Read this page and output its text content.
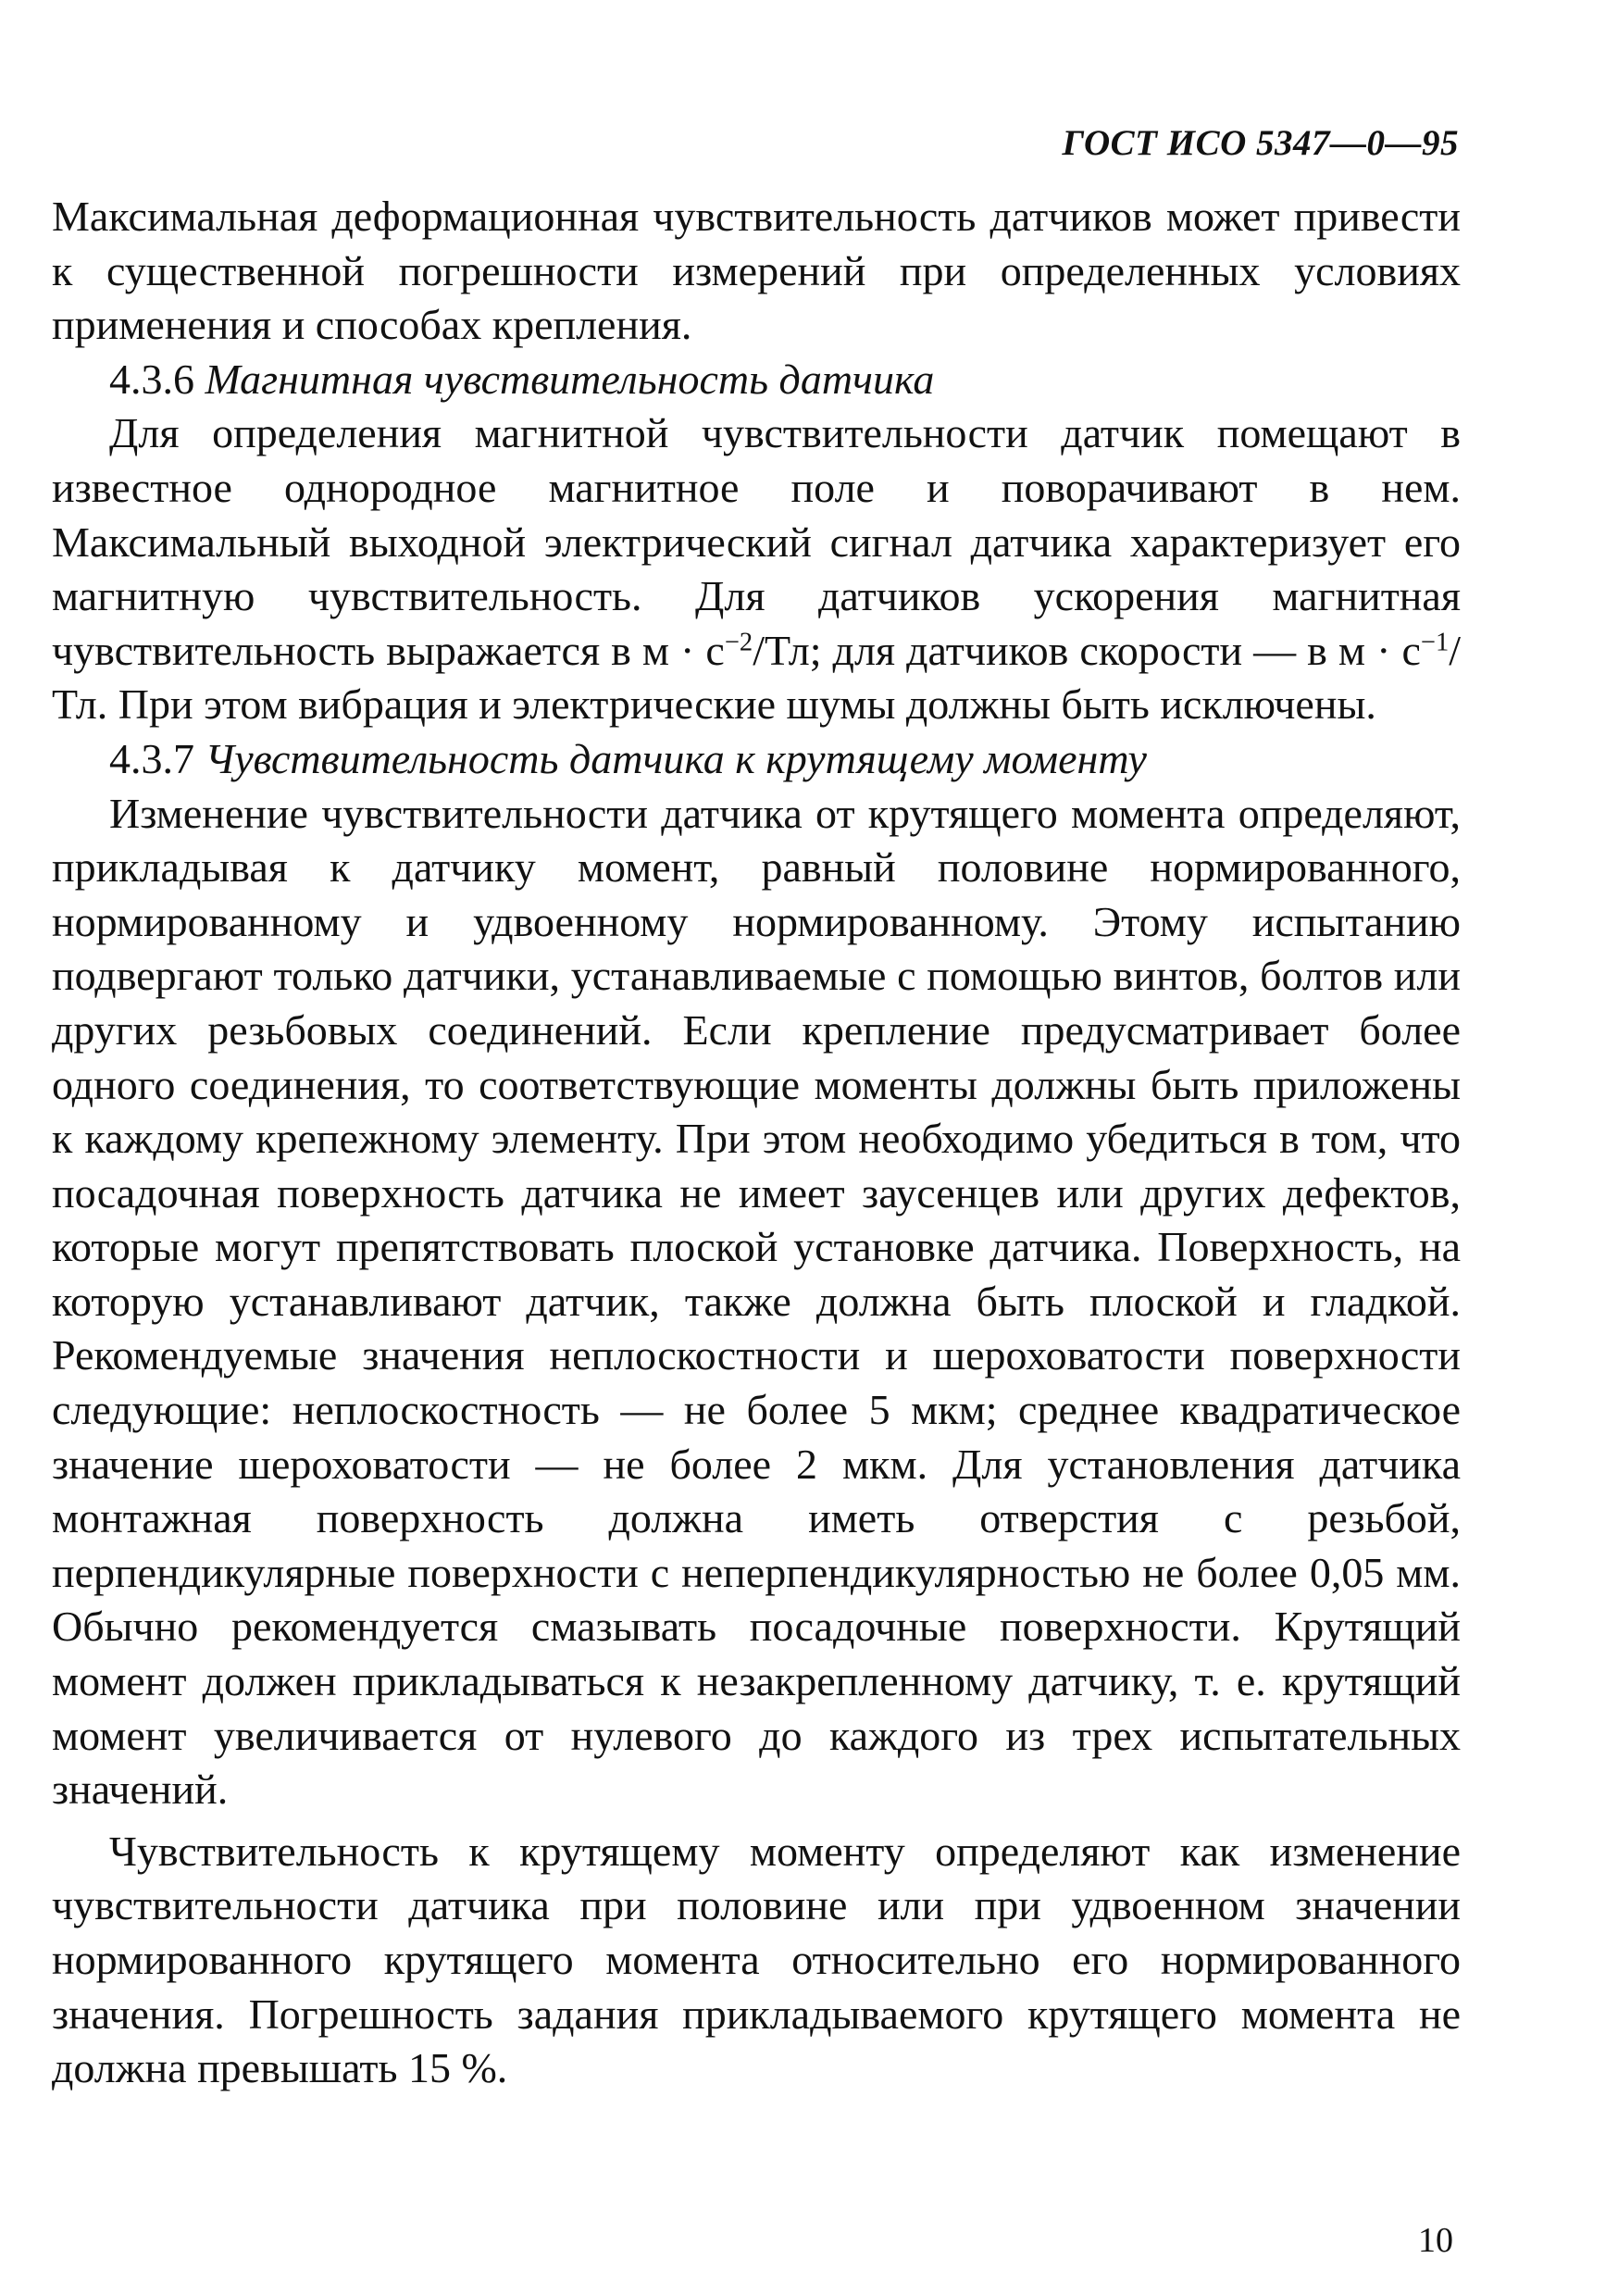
ГОСТ ИСО 5347—0—95

Максимальная деформационная чувствительность датчиков может привести к существенной погрешности измерений при определенных условиях применения и способах крепления.

4.3.6 Магнитная чувствительность датчика

Для определения магнитной чувствительности датчик помещают в известное однородное магнитное поле и поворачивают в нем. Максимальный выходной электрический сигнал датчика характеризует его магнитную чувствительность. Для датчиков ускорения магнитная чувствительность выражается в $м \cdot с^{-2}/Тл$; для датчиков скорости — в $м \cdot с^{-1}/$ Тл. При этом вибрация и электрические шумы должны быть исключены.

4.3.7 Чувствительность датчика к крутящему моменту

Изменение чувствительности датчика от крутящего момента определяют, прикладывая к датчику момент, равный половине нормированного, нормированному и удвоенному нормированному. Этому испытанию подвергают только датчики, устанавливаемые с помощью винтов, болтов или других резьбовых соединений. Если крепление предусматривает более одного соединения, то соответствующие моменты должны быть приложены к каждому крепежному элементу. При этом необходимо убедиться в том, что посадочная поверхность датчика не имеет заусенцев или других дефектов, которые могут препятствовать плоской установке датчика. Поверхность, на которую устанавливают датчик, также должна быть плоской и гладкой. Рекомендуемые значения неплоскостности и шероховатости поверхности следующие: неплоскостность — не более 5 мкм; среднее квадратическое значение шероховатости — не более 2 мкм. Для установления датчика монтажная поверхность должна иметь отверстия с резьбой, перпендикулярные поверхности с неперпендикулярностью не более 0,05 мм. Обычно рекомендуется смазывать посадочные поверхности. Крутящий момент должен прикладываться к незакрепленному датчику, т. е. крутящий момент увеличивается от нулевого до каждого из трех испытательных значений.

Чувствительность к крутящему моменту определяют как изменение чувствительности датчика при половине или при удвоенном значении нормированного крутящего момента относительно его нормированного значения. Погрешность задания прикладываемого крутящего момента не должна превышать 15 %.

10
